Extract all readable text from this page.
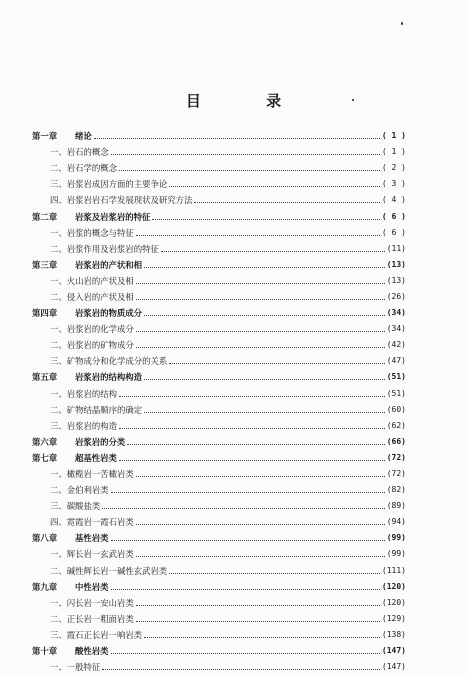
目 录
第一章	绪论	( 1 )
一、 岩石的概念	( 1 )
二、 岩石学的概念	( 2 )
三、 岩浆岩成因方面的主要争论	( 3 )
四、 岩浆岩岩石学发展现状及研究方法	( 4 )
第二章	岩浆及岩浆岩的特征	( 6 )
一、 岩浆的概念与特征	( 6 )
二、 岩浆作用及岩浆岩的特征	(11)
第三章	岩浆岩的产状和相	(13)
一、 火山岩的产状及相	(13)
二、 侵入岩的产状及相	(26)
第四章	岩浆岩的物质成分	(34)
一、 岩浆岩的化学成分	(34)
二、 岩浆岩的矿物成分	(42)
三、 矿物成分和化学成分的关系	(47)
第五章	岩浆岩的结构构造	(51)
一、 岩浆岩的结构	(51)
二、 矿物结晶顺序的确定	(60)
三、 岩浆岩的构造	(62)
第六章	岩浆岩的分类	(66)
第七章	超基性岩类	(72)
一、 橄榄岩一苦橄岩类	(72)
二、 金伯利岩类	(82)
三、 碳酸盐类	(89)
四、 霓霞岩一霞石岩类	(94)
第八章	基性岩类	(99)
一、 辉长岩一玄武岩类	(99)
二、 碱性辉长岩一碱性玄武岩类	(111)
第九章	中性岩类	(120)
一、 闪长岩一安山岩类	(120)
二、 正长岩一粗面岩类	(129)
三、 霞石正长岩一响岩类	(138)
第十章	酸性岩类	(147)
一、 一般特征	(147)
